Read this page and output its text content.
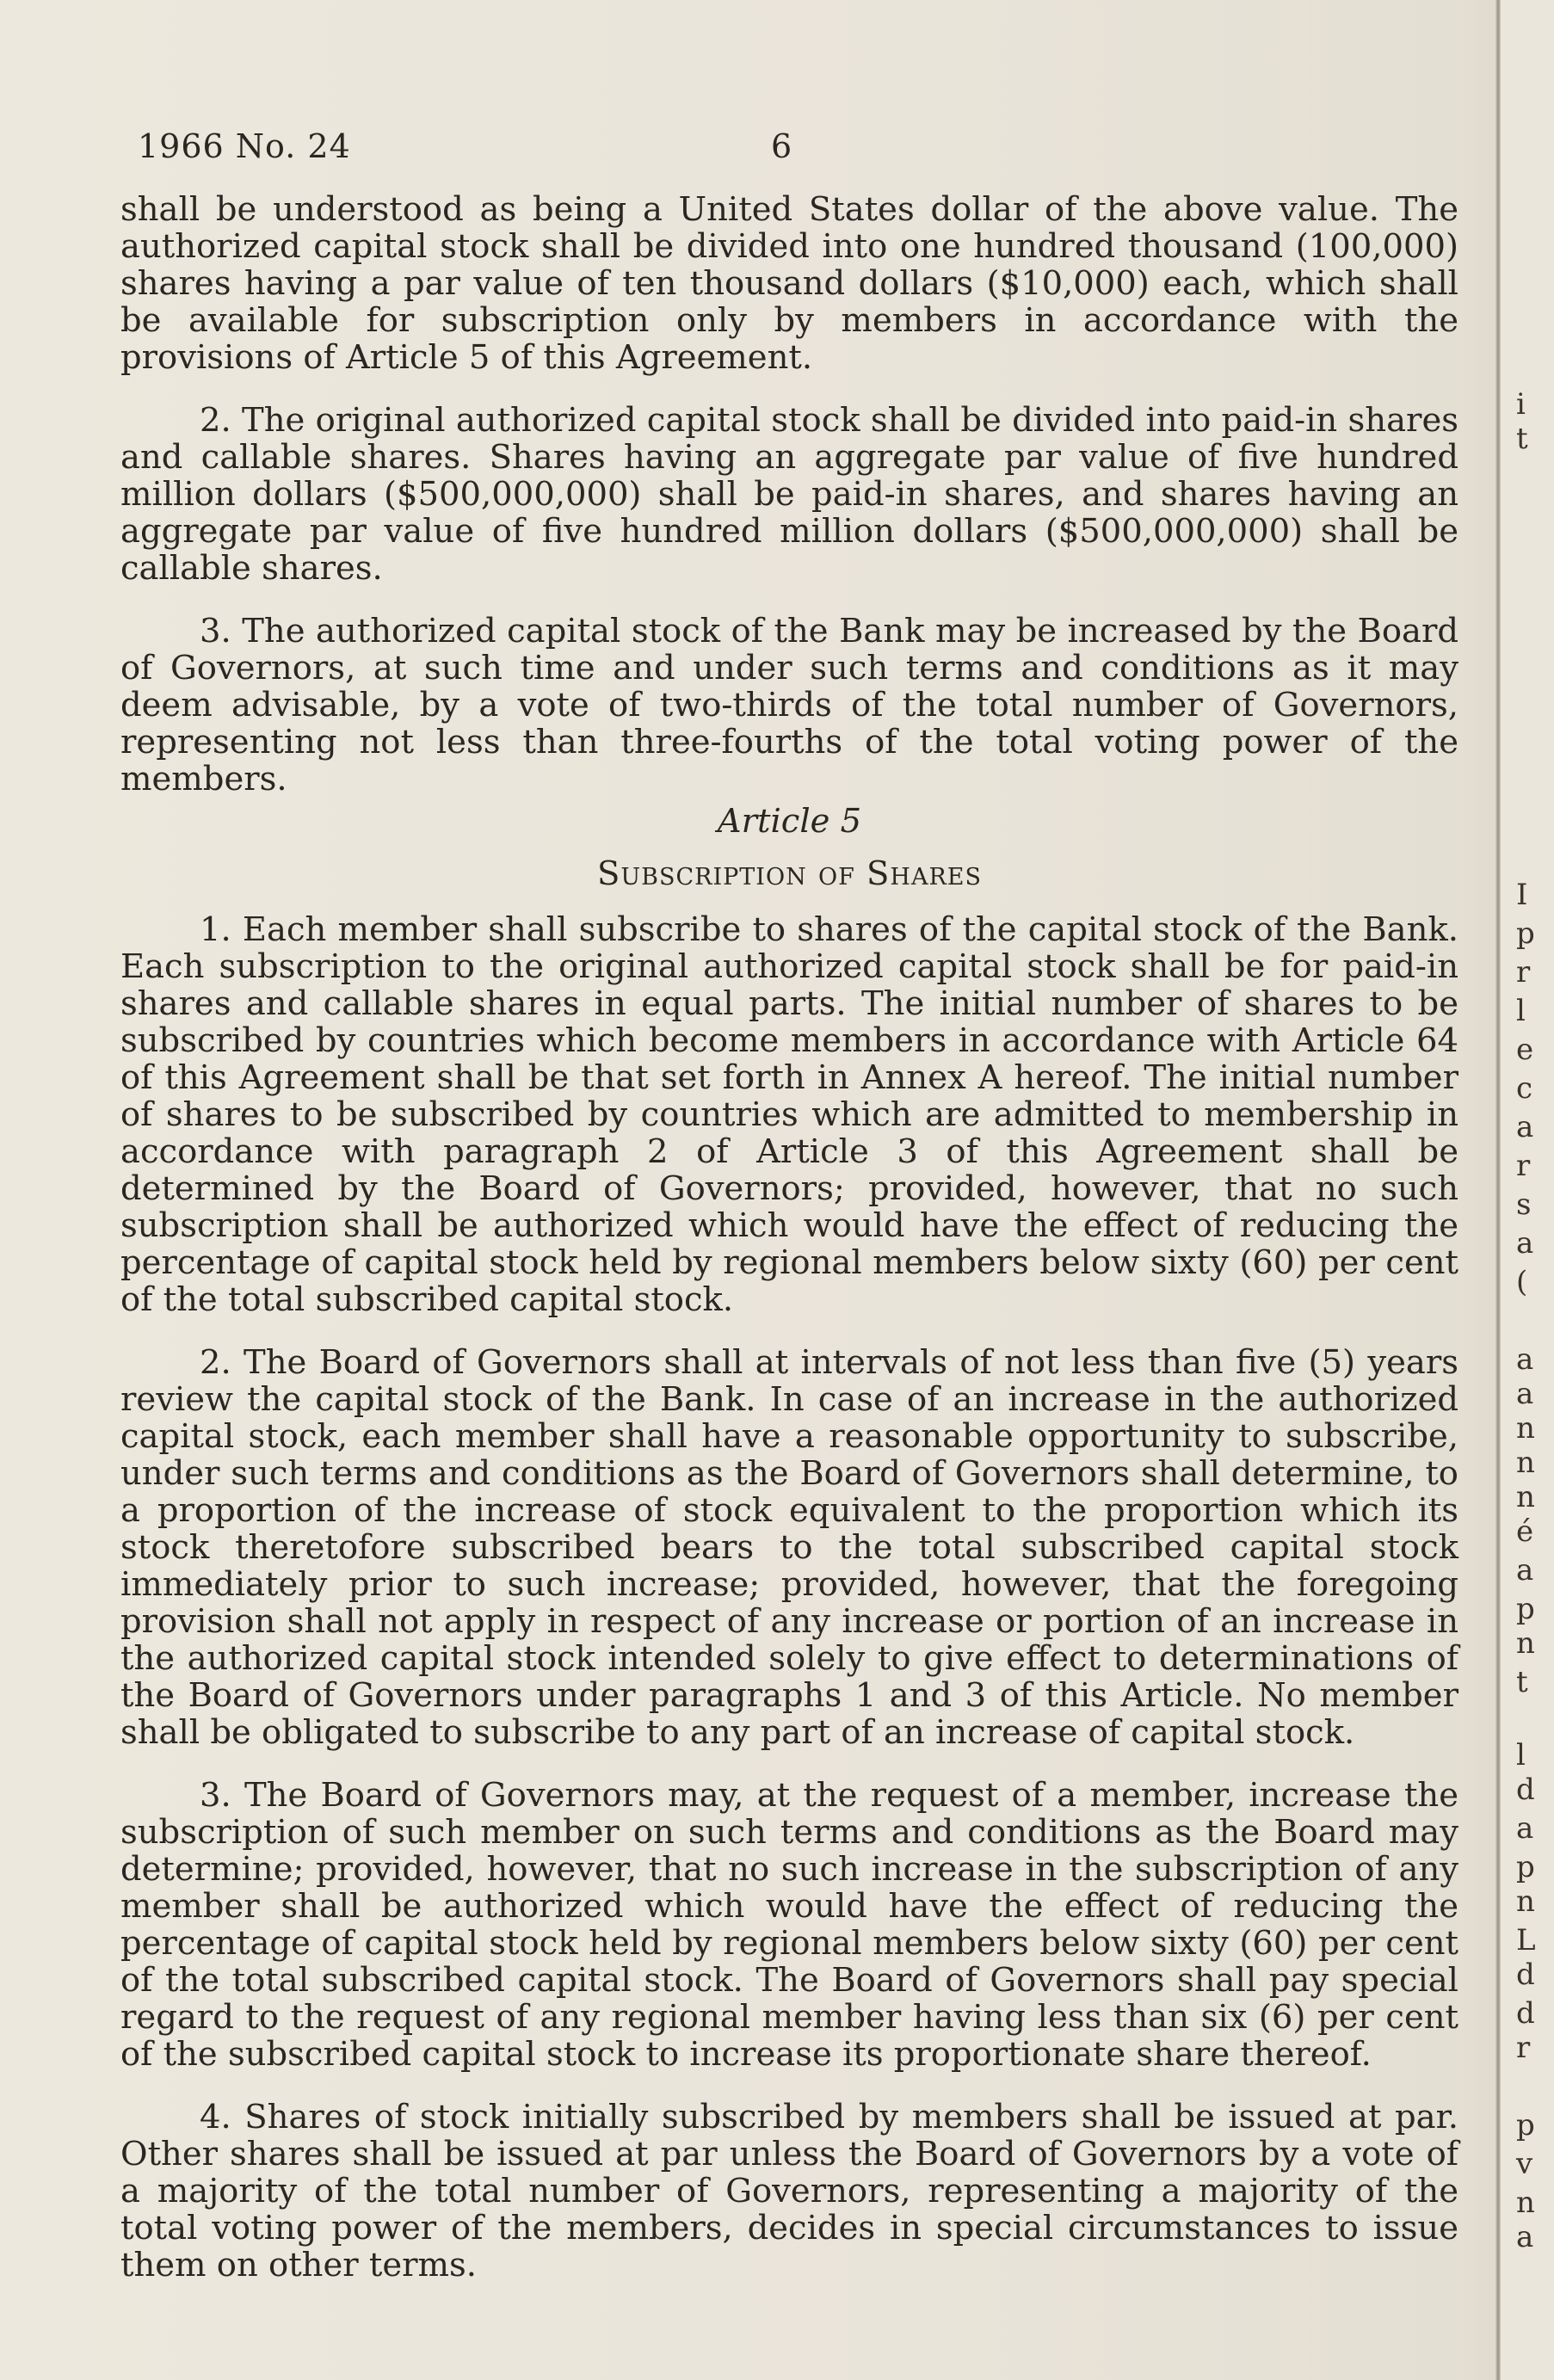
1966 No. 24	6

shall be understood as being a United States dollar of the above value. The authorized capital stock shall be divided into one hundred thousand (100,000) shares having a par value of ten thousand dollars ($10,000) each, which shall be available for subscription only by members in accordance with the provisions of Article 5 of this Agreement.

2. The original authorized capital stock shall be divided into paid-in shares and callable shares. Shares having an aggregate par value of five hundred million dollars ($500,000,000) shall be paid-in shares, and shares having an aggregate par value of five hundred million dollars ($500,000,000) shall be callable shares.

3. The authorized capital stock of the Bank may be increased by the Board of Governors, at such time and under such terms and conditions as it may deem advisable, by a vote of two-thirds of the total number of Governors, representing not less than three-fourths of the total voting power of the members.

Article 5
Subscription of Shares

1. Each member shall subscribe to shares of the capital stock of the Bank. Each subscription to the original authorized capital stock shall be for paid-in shares and callable shares in equal parts. The initial number of shares to be subscribed by countries which become members in accordance with Article 64 of this Agreement shall be that set forth in Annex A hereof. The initial number of shares to be subscribed by countries which are admitted to membership in accordance with paragraph 2 of Article 3 of this Agreement shall be determined by the Board of Governors; provided, however, that no such subscription shall be authorized which would have the effect of reducing the percentage of capital stock held by regional members below sixty (60) per cent of the total subscribed capital stock.

2. The Board of Governors shall at intervals of not less than five (5) years review the capital stock of the Bank. In case of an increase in the authorized capital stock, each member shall have a reasonable opportunity to subscribe, under such terms and conditions as the Board of Governors shall determine, to a proportion of the increase of stock equivalent to the proportion which its stock theretofore subscribed bears to the total subscribed capital stock immediately prior to such increase; provided, however, that the foregoing provision shall not apply in respect of any increase or portion of an increase in the authorized capital stock intended solely to give effect to determinations of the Board of Governors under paragraphs 1 and 3 of this Article. No member shall be obligated to subscribe to any part of an increase of capital stock.

3. The Board of Governors may, at the request of a member, increase the subscription of such member on such terms and conditions as the Board may determine; provided, however, that no such increase in the subscription of any member shall be authorized which would have the effect of reducing the percentage of capital stock held by regional members below sixty (60) per cent of the total subscribed capital stock. The Board of Governors shall pay special regard to the request of any regional member having less than six (6) per cent of the subscribed capital stock to increase its proportionate share thereof.

4. Shares of stock initially subscribed by members shall be issued at par. Other shares shall be issued at par unless the Board of Governors by a vote of a majority of the total number of Governors, representing a majority of the total voting power of the members, decides in special circumstances to issue them on other terms.

i
t
I
p
r
l
e
c
a
r
s
a
(
a
a
n
n
n
é
a
p
n
t
l
d
a
p
n
L
d
d
r
p
v
n
a
